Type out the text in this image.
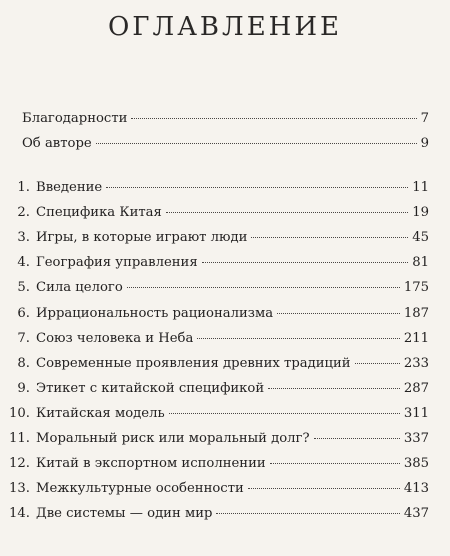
ОГЛАВЛЕНИЕ
Благодарности	7
Об авторе	9
1. Введение	11
2. Специфика Китая	19
3. Игры, в которые играют люди	45
4. География управления	81
5. Сила целого	175
6. Иррациональность рационализма	187
7. Союз человека и Неба	211
8. Современные проявления древних традиций	233
9. Этикет с китайской спецификой	287
10. Китайская модель	311
11. Моральный риск или моральный долг?	337
12. Китай в экспортном исполнении	385
13. Межкультурные особенности	413
14. Две системы — один мир	437
